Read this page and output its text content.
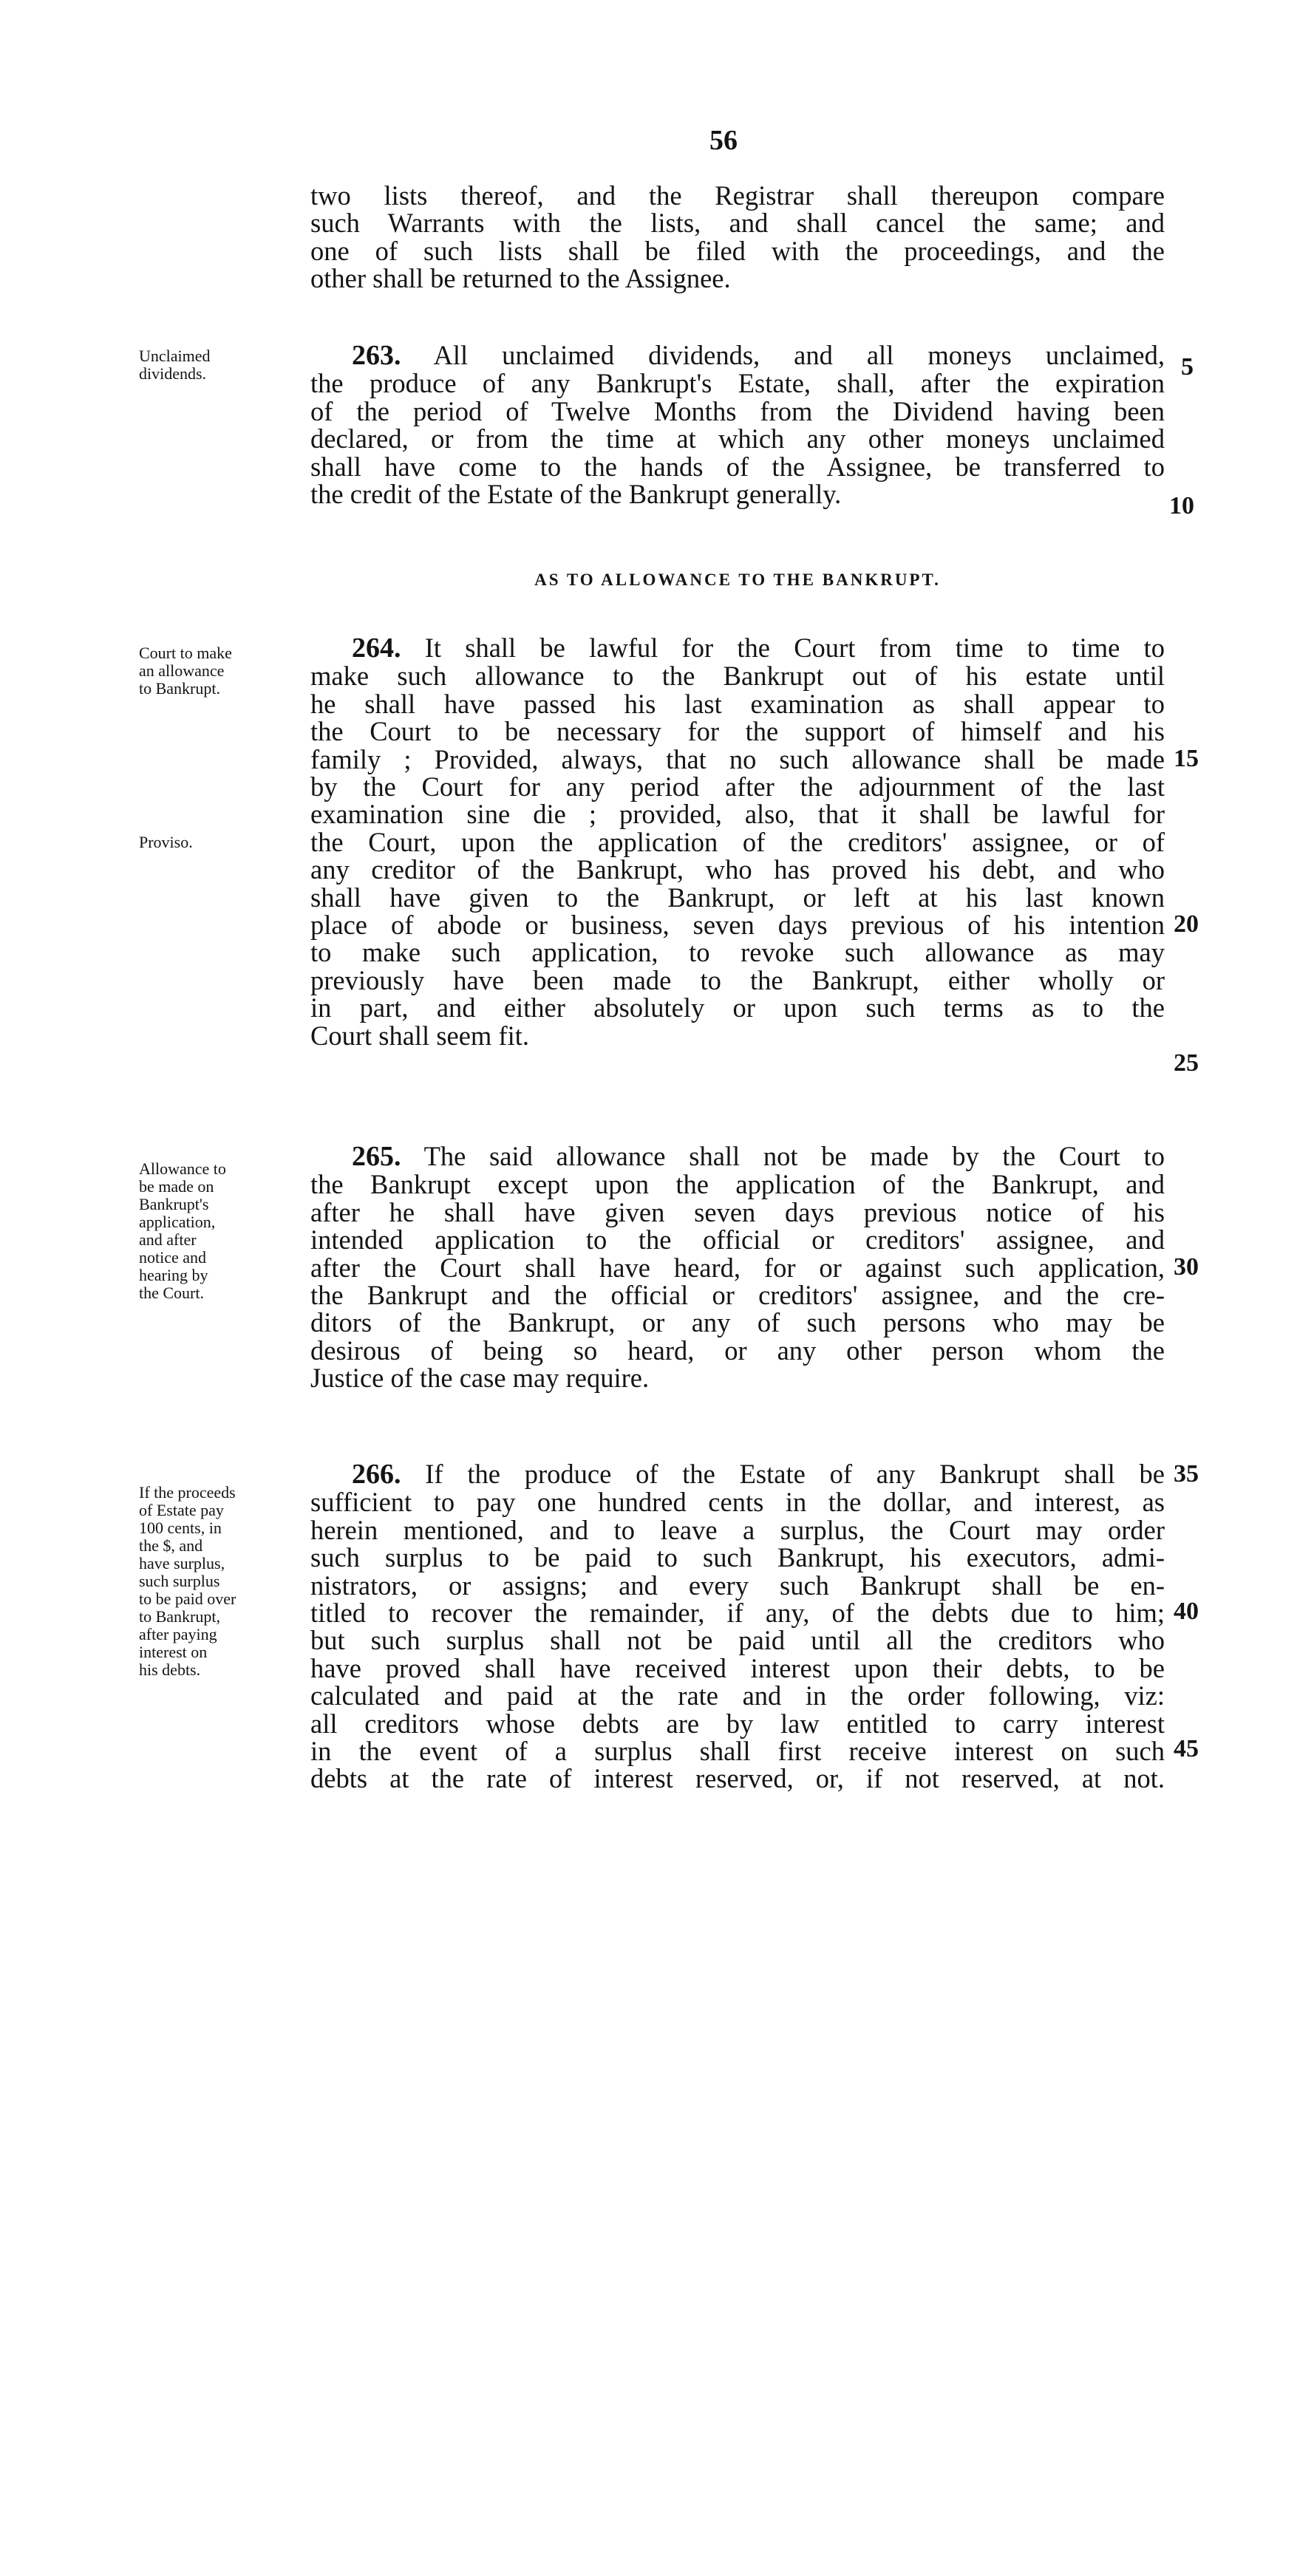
56
two lists thereof, and the Registrar shall thereupon compare
such Warrants with the lists, and shall cancel the same; and
one of such lists shall be filed with the proceedings, and the
other shall be returned to the Assignee.
Unclaimed
dividends.
263. All unclaimed dividends, and all moneys unclaimed,
the produce of any Bankrupt's Estate, shall, after the expiration
of the period of Twelve Months from the Dividend having been
declared, or from the time at which any other moneys unclaimed
shall have come to the hands of the Assignee, be transferred to
the credit of the Estate of the Bankrupt generally.
AS TO ALLOWANCE TO THE BANKRUPT.
Court to make
an allowance
to Bankrupt.
Proviso.
264. It shall be lawful for the Court from time to time to
make such allowance to the Bankrupt out of his estate until
he shall have passed his last examination as shall appear to
the Court to be necessary for the support of himself and his
family ; Provided, always, that no such allowance shall be made
by the Court for any period after the adjournment of the last
examination sine die ; provided, also, that it shall be lawful for
the Court, upon the application of the creditors' assignee, or of
any creditor of the Bankrupt, who has proved his debt, and who
shall have given to the Bankrupt, or left at his last known
place of abode or business, seven days previous of his intention
to make such application, to revoke such allowance as may
previously have been made to the Bankrupt, either wholly or
in part, and either absolutely or upon such terms as to the
Court shall seem fit.
Allowance to
be made on
Bankrupt's
application,
and after
notice and
hearing by
the Court.
265. The said allowance shall not be made by the Court to
the Bankrupt except upon the application of the Bankrupt, and
after he shall have given seven days previous notice of his
intended application to the official or creditors' assignee, and
after the Court shall have heard, for or against such application,
the Bankrupt and the official or creditors' assignee, and the cre-
ditors of the Bankrupt, or any of such persons who may be
desirous of being so heard, or any other person whom the
Justice of the case may require.
If the proceeds
of Estate pay
100 cents, in
the $, and
have surplus,
such surplus
to be paid over
to Bankrupt,
after paying
interest on
his debts.
266. If the produce of the Estate of any Bankrupt shall be
sufficient to pay one hundred cents in the dollar, and interest, as
herein mentioned, and to leave a surplus, the Court may order
such surplus to be paid to such Bankrupt, his executors, admi-
nistrators, or assigns; and every such Bankrupt shall be en-
titled to recover the remainder, if any, of the debts due to him;
but such surplus shall not be paid until all the creditors who
have proved shall have received interest upon their debts, to be
calculated and paid at the rate and in the order following, viz:
all creditors whose debts are by law entitled to carry interest
in the event of a surplus shall first receive interest on such
debts at the rate of interest reserved, or, if not reserved, at not.
5
10
15
20
25
30
35
40
45
